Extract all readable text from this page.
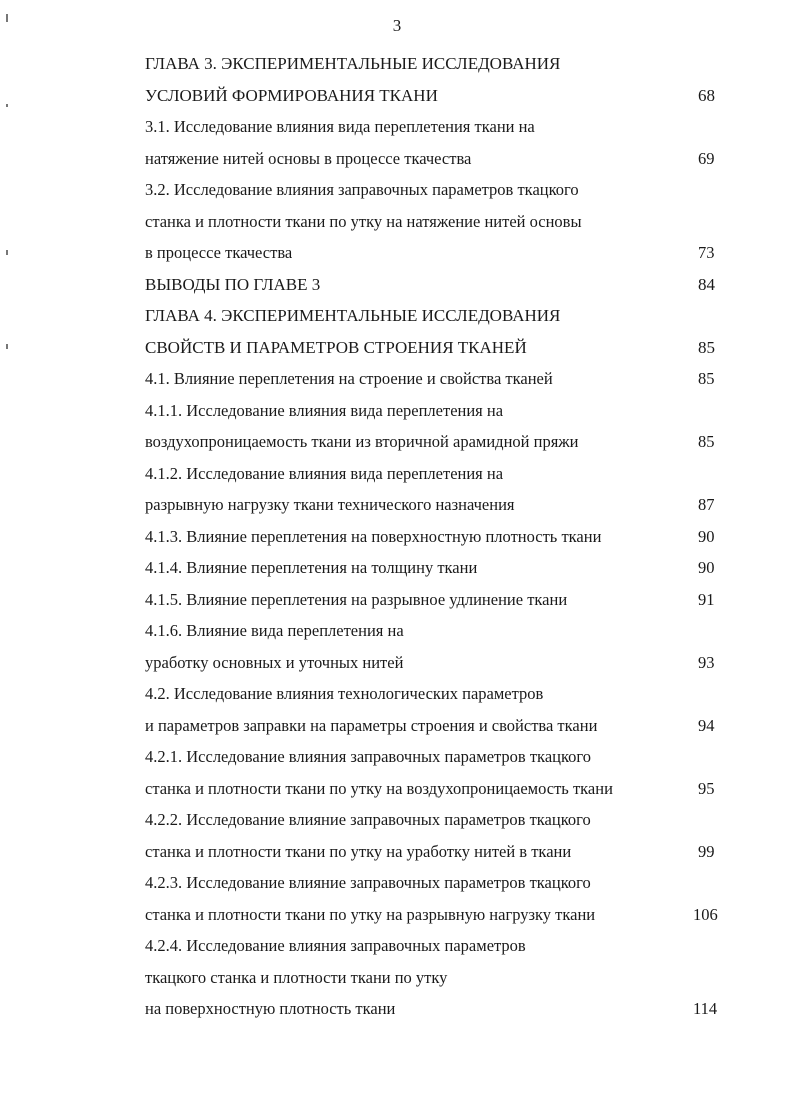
3
ГЛАВА 3. ЭКСПЕРИМЕНТАЛЬНЫЕ ИССЛЕДОВАНИЯ
УСЛОВИЙ ФОРМИРОВАНИЯ ТКАНИ	68
3.1. Исследование влияния вида переплетения ткани на
натяжение нитей основы в процессе ткачества	69
3.2. Исследование влияния заправочных параметров ткацкого
станка и плотности ткани по утку на натяжение нитей основы
в процессе ткачества	73
ВЫВОДЫ ПО ГЛАВЕ 3	84
ГЛАВА 4. ЭКСПЕРИМЕНТАЛЬНЫЕ ИССЛЕДОВАНИЯ
СВОЙСТВ И ПАРАМЕТРОВ СТРОЕНИЯ ТКАНЕЙ	85
4.1. Влияние переплетения на строение и свойства тканей	85
4.1.1. Исследование влияния вида переплетения на
воздухопроницаемость ткани из вторичной арамидной пряжи	85
4.1.2. Исследование влияния вида переплетения на
разрывную нагрузку ткани технического назначения	87
4.1.3. Влияние переплетения на поверхностную плотность ткани	90
4.1.4. Влияние переплетения на толщину ткани	90
4.1.5. Влияние переплетения на разрывное удлинение ткани	91
4.1.6. Влияние вида переплетения на
уработку основных и уточных нитей	93
4.2. Исследование влияния технологических параметров
и параметров заправки на параметры строения и свойства ткани	94
4.2.1. Исследование влияния заправочных параметров ткацкого
станка и плотности ткани по утку на воздухопроницаемость ткани	95
4.2.2. Исследование влияние заправочных параметров ткацкого
станка и плотности ткани по утку на уработку нитей в ткани	99
4.2.3. Исследование влияние заправочных параметров ткацкого
станка и плотности ткани по утку на разрывную нагрузку ткани	106
4.2.4. Исследование влияния заправочных параметров
ткацкого станка и плотности ткани по утку
на поверхностную плотность ткани	114
